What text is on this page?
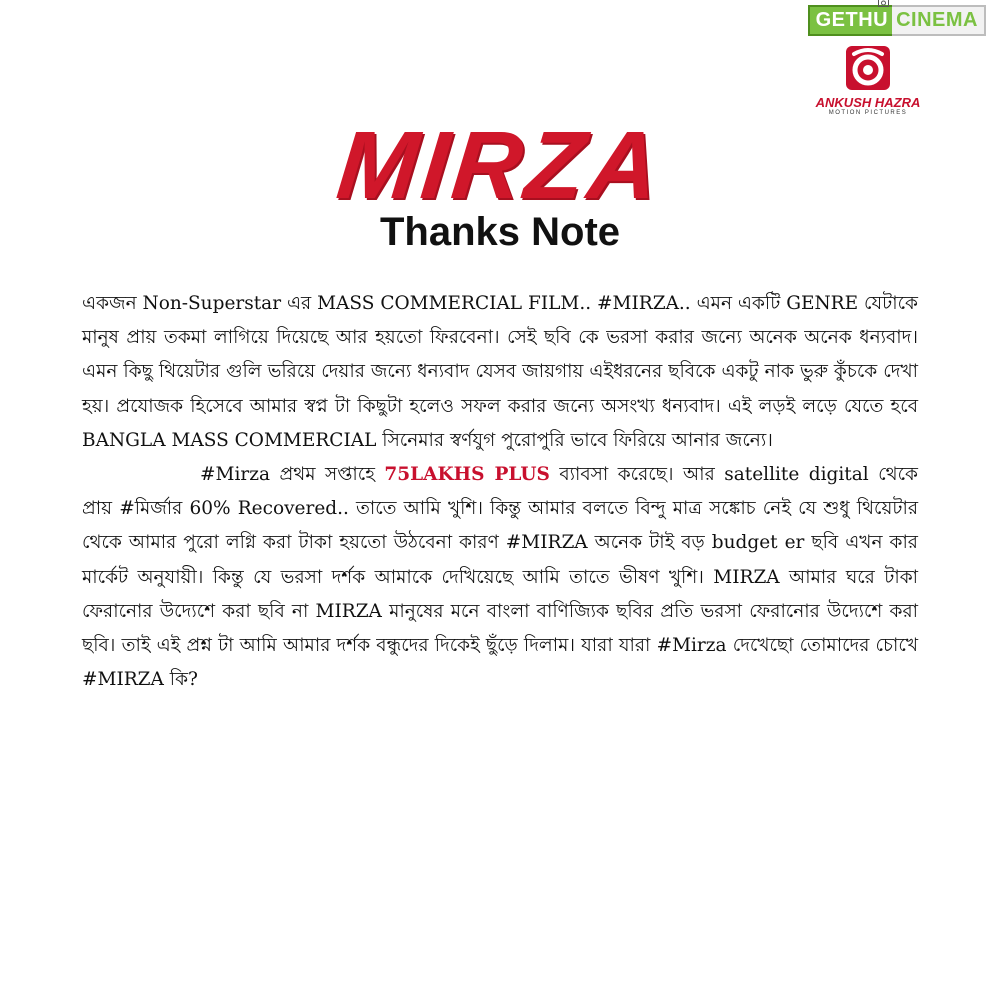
GETHU CINEMA
ANKUSH HAZRA
MOTION PICTURES
MIRZA
Thanks Note

একজন Non-Superstar এর MASS COMMERCIAL FILM.. #MIRZA.. এমন একটি GENRE যেটাকে মানুষ প্রায় তকমা লাগিয়ে দিয়েছে আর হয়তো ফিরবেনা। সেই ছবি কে ভরসা করার জন্যে অনেক অনেক ধন্যবাদ। এমন কিছু থিয়েটার গুলি ভরিয়ে দেয়ার জন্যে ধন্যবাদ যেসব জায়গায় এইধরনের ছবিকে একটু নাক ভুরু কুঁচকে দেখা হয়। প্রযোজক হিসেবে আমার স্বপ্ন টা কিছুটা হলেও সফল করার জন্যে অসংখ্য ধন্যবাদ। এই লড়ই লড়ে যেতে হবে BANGLA MASS COMMERCIAL সিনেমার স্বর্ণযুগ পুরোপুরি ভাবে ফিরিয়ে আনার জন্যে।

#Mirza প্রথম সপ্তাহে 75LAKHS PLUS ব্যাবসা করেছে। আর satellite digital থেকে প্রায় #মির্জার 60% Recovered.. তাতে আমি খুশি। কিন্তু আমার বলতে বিন্দু মাত্র সঙ্কোচ নেই যে শুধু থিয়েটার থেকে আমার পুরো লগ্নি করা টাকা হয়তো উঠবেনা কারণ #MIRZA অনেক টাই বড় budget er ছবি এখন কার মার্কেট অনুযায়ী। কিন্তু যে ভরসা দর্শক আমাকে দেখিয়েছে আমি তাতে ভীষণ খুশি। MIRZA আমার ঘরে টাকা ফেরানোর উদ্যেশে করা ছবি না MIRZA মানুষের মনে বাংলা বাণিজ্যিক ছবির প্রতি ভরসা ফেরানোর উদ্যেশে করা ছবি। তাই এই প্রশ্ন টা আমি আমার দর্শক বন্ধুদের দিকেই ছুঁড়ে দিলাম। যারা যারা #Mirza দেখেছো তোমাদের চোখে #MIRZA কি?
